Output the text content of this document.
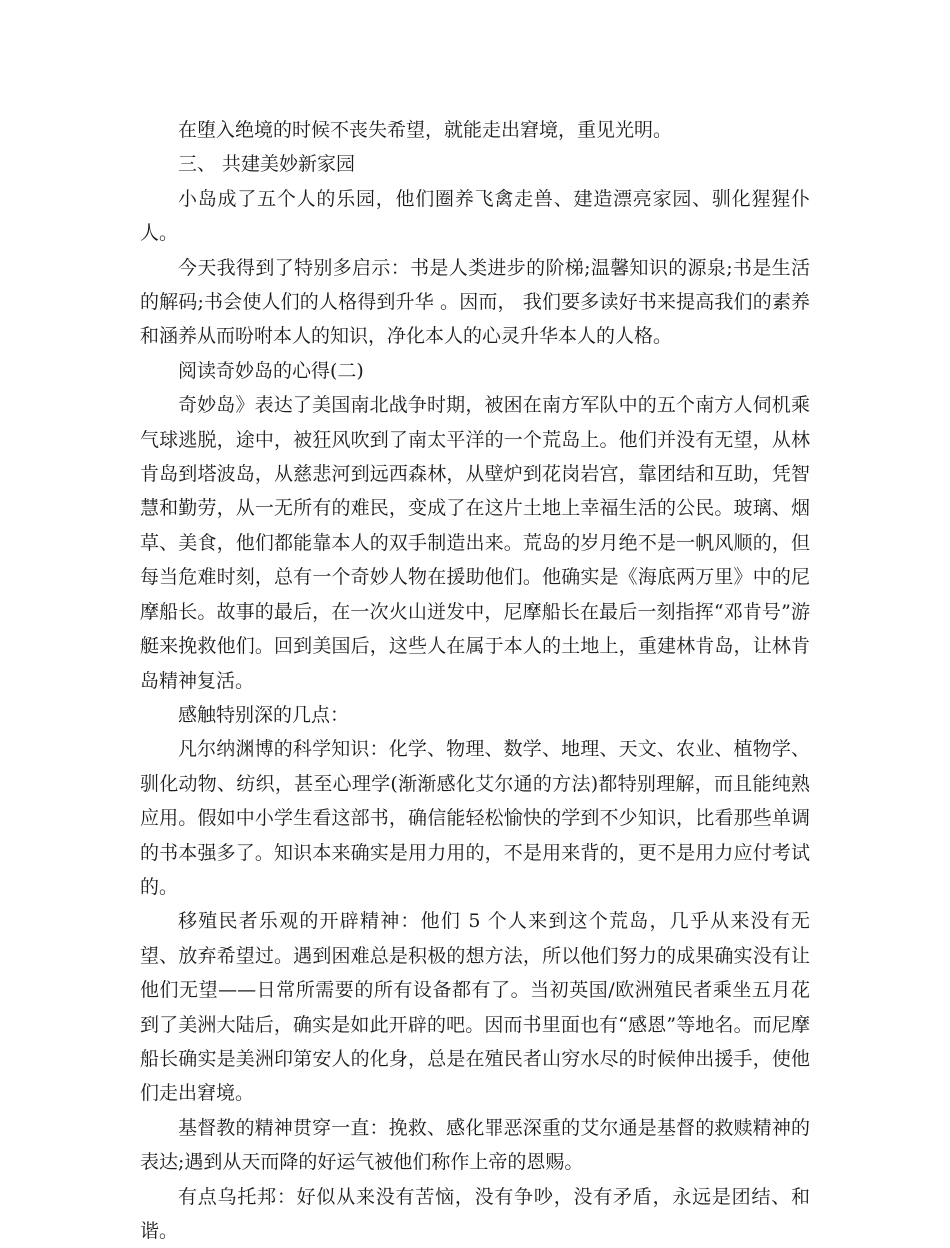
在堕入绝境的时候不丧失希望，就能走出窘境，重见光明。

三、 共建美妙新家园

小岛成了五个人的乐园，他们圈养飞禽走兽、建造漂亮家园、驯化猩猩仆人。

今天我得到了特别多启示：书是人类进步的阶梯;温馨知识的源泉;书是生活的解码;书会使人们的人格得到升华 。因而， 我们要多读好书来提高我们的素养和涵养从而吩咐本人的知识，净化本人的心灵升华本人的人格。

阅读奇妙岛的心得(二)

奇妙岛》表达了美国南北战争时期，被困在南方军队中的五个南方人伺机乘气球逃脱，途中，被狂风吹到了南太平洋的一个荒岛上。他们并没有无望，从林肯岛到塔波岛，从慈悲河到远西森林，从壁炉到花岗岩宫，靠团结和互助，凭智慧和勤劳，从一无所有的难民，变成了在这片土地上幸福生活的公民。玻璃、烟草、美食，他们都能靠本人的双手制造出来。荒岛的岁月绝不是一帆风顺的，但每当危难时刻，总有一个奇妙人物在援助他们。他确实是《海底两万里》中的尼摩船长。故事的最后，在一次火山迸发中，尼摩船长在最后一刻指挥“邓肯号”游艇来挽救他们。回到美国后，这些人在属于本人的土地上，重建林肯岛，让林肯岛精神复活。

感触特别深的几点：

凡尔纳渊博的科学知识：化学、物理、数学、地理、天文、农业、植物学、驯化动物、纺织，甚至心理学(渐渐感化艾尔通的方法)都特别理解，而且能纯熟应用。假如中小学生看这部书，确信能轻松愉快的学到不少知识，比看那些单调的书本强多了。知识本来确实是用力用的，不是用来背的，更不是用力应付考试的。

移殖民者乐观的开辟精神：他们 5 个人来到这个荒岛，几乎从来没有无望、放弃希望过。遇到困难总是积极的想方法，所以他们努力的成果确实没有让他们无望——日常所需要的所有设备都有了。当初英国/欧洲殖民者乘坐五月花到了美洲大陆后，确实是如此开辟的吧。因而书里面也有“感恩”等地名。而尼摩船长确实是美洲印第安人的化身，总是在殖民者山穷水尽的时候伸出援手，使他们走出窘境。

基督教的精神贯穿一直：挽救、感化罪恶深重的艾尔通是基督的救赎精神的表达;遇到从天而降的好运气被他们称作上帝的恩赐。

有点乌托邦：好似从来没有苦恼，没有争吵，没有矛盾，永远是团结、和谐。
